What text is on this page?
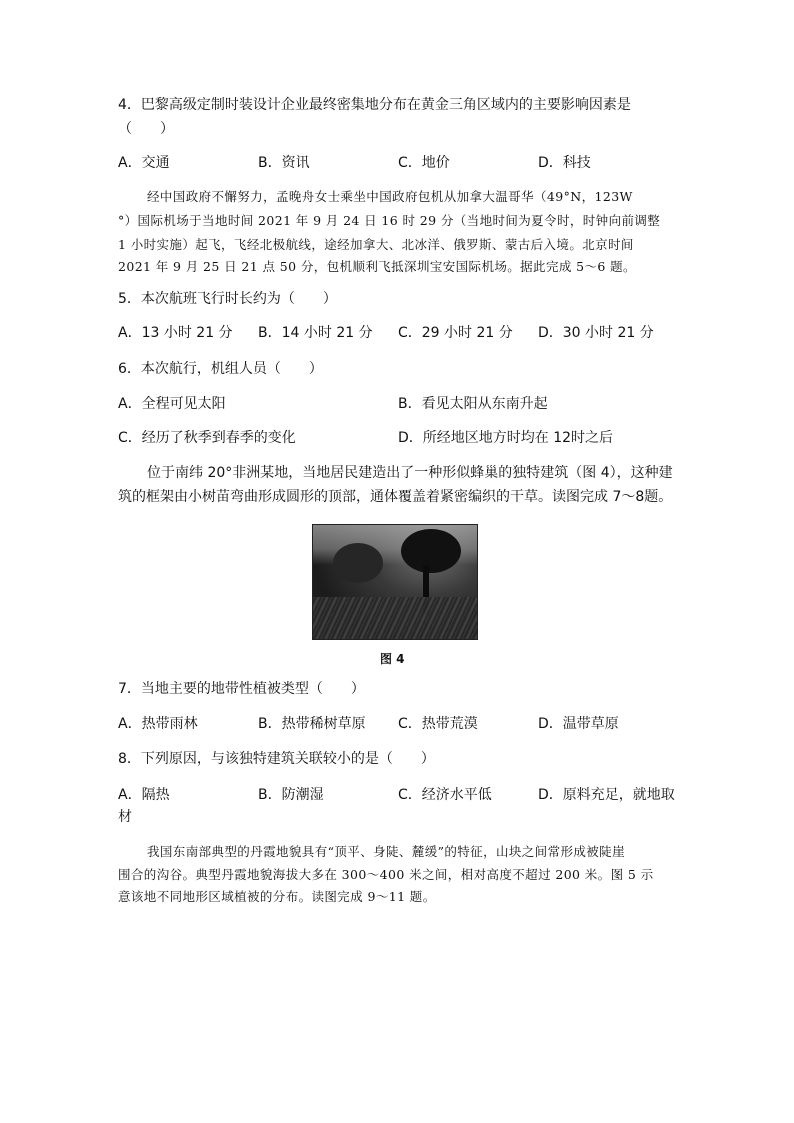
4．巴黎高级定制时装设计企业最终密集地分布在黄金三角区域内的主要影响因素是
（　　）
A．交通	B．资讯	C．地价	D．科技
经中国政府不懈努力，孟晚舟女士乘坐中国政府包机从加拿大温哥华（49°N，123W
°）国际机场于当地时间 2021 年 9 月 24 日 16 时 29 分（当地时间为夏令时，时钟向前调整
1 小时实施）起飞，飞经北极航线，途经加拿大、北冰洋、俄罗斯、蒙古后入境。北京时间
2021 年 9 月 25 日 21 点 50 分，包机顺利飞抵深圳宝安国际机场。据此完成 5～6 题。
5．本次航班飞行时长约为（　　）
A．13 小时 21 分 B．14 小时 21 分 C．29 小时 21 分 D．30 小时 21 分
6．本次航行，机组人员（　　）
A．全程可见太阳	B．看见太阳从东南升起
C．经历了秋季到春季的变化	D．所经地区地方时均在 12时之后
位于南纬 20°非洲某地，当地居民建造出了一种形似蜂巢的独特建筑（图 4），这种建
筑的框架由小树苗弯曲形成圆形的顶部，通体覆盖着紧密编织的干草。读图完成 7～8题。
图 4
7．当地主要的地带性植被类型（　　）
A．热带雨林	B．热带稀树草原 C．热带荒漠	D．温带草原
8．下列原因，与该独特建筑关联较小的是（　　）
A．隔热	B．防潮湿	C．经济水平低	D．原料充足，就地取
材
我国东南部典型的丹霞地貌具有“顶平、身陡、麓缓”的特征，山块之间常形成被陡崖
围合的沟谷。典型丹霞地貌海拔大多在 300～400 米之间，相对高度不超过 200 米。图 5 示
意该地不同地形区域植被的分布。读图完成 9～11 题。
